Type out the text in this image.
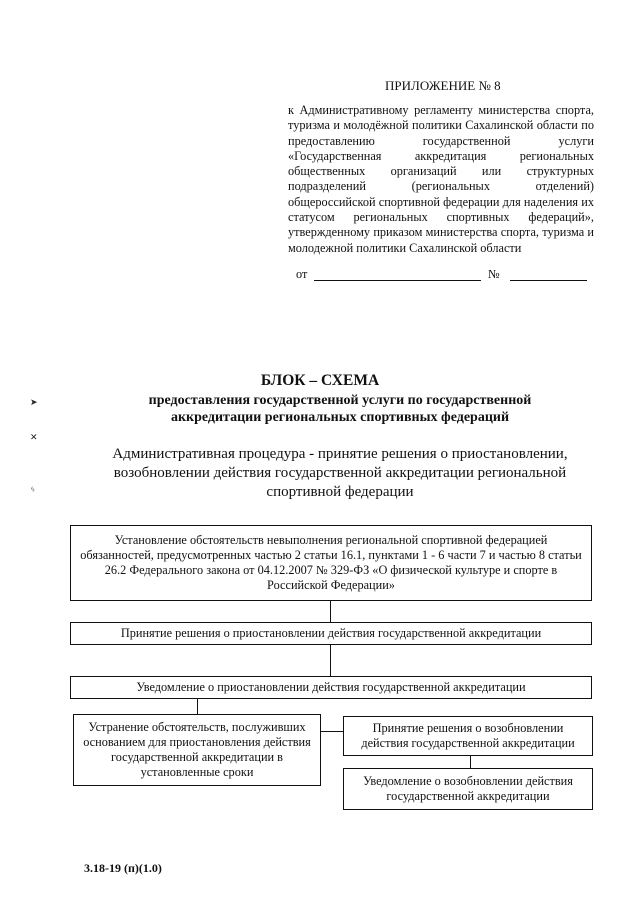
ПРИЛОЖЕНИЕ № 8
к Административному регламенту министерства спорта, туризма и молодёжной политики Сахалинской области по предоставлению государственной услуги «Государственная аккредитация региональных общественных организаций или структурных подразделений (региональных отделений) общероссийской спортивной федерации для наделения их статусом региональных спортивных федераций», утвержденному приказом министерства спорта, туризма и молодежной политики Сахалинской области
от	№
➤
✕
ᛃ
БЛОК – СХЕМА
предоставления государственной услуги по государственной аккредитации региональных спортивных федераций
Административная процедура - принятие решения о приостановлении, возобновлении действия государственной аккредитации региональной спортивной федерации
Установление обстоятельств невыполнения региональной спортивной федерацией обязанностей, предусмотренных частью 2 статьи 16.1, пунктами 1 - 6 части 7 и частью 8 статьи 26.2 Федерального закона от 04.12.2007 № 329-ФЗ «О физической культуре и спорте в Российской Федерации»
Принятие решения о приостановлении действия государственной аккредитации
Уведомление о приостановлении действия государственной аккредитации
Устранение обстоятельств, послуживших основанием для приостановления действия государственной аккредитации в установленные сроки
Принятие решения о возобновлении действия государственной аккредитации
Уведомление о возобновлении действия государственной аккредитации
3.18-19 (п)(1.0)
